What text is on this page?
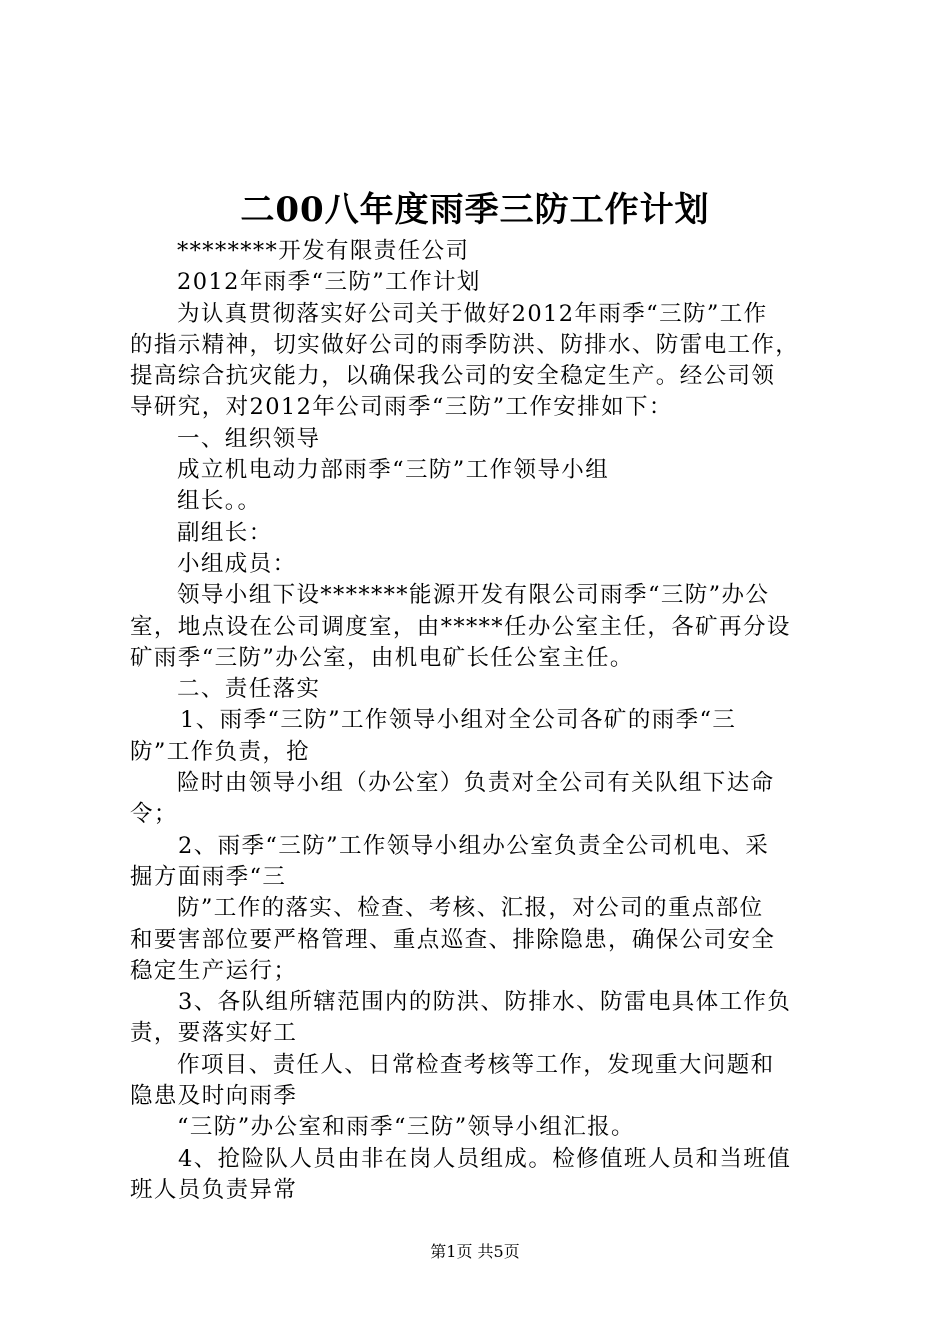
二00八年度雨季三防工作计划

********开发有限责任公司

2012年雨季“三防”工作计划

为认真贯彻落实好公司关于做好2012年雨季“三防”工作

的指示精神，切实做好公司的雨季防洪、防排水、防雷电工作，

提高综合抗灾能力，以确保我公司的安全稳定生产。经公司领

导研究，对2012年公司雨季“三防”工作安排如下：

一、组织领导

成立机电动力部雨季“三防”工作领导小组

组长。。

副组长：

小组成员：

领导小组下设*******能源开发有限公司雨季“三防”办公

室，地点设在公司调度室，由*****任办公室主任，各矿再分设

矿雨季“三防”办公室，由机电矿长任公室主任。

二、责任落实

1、雨季“三防”工作领导小组对全公司各矿的雨季“三

防”工作负责，抢

险时由领导小组（办公室）负责对全公司有关队组下达命

令；

2、雨季“三防”工作领导小组办公室负责全公司机电、采

掘方面雨季“三

防”工作的落实、检查、考核、汇报，对公司的重点部位

和要害部位要严格管理、重点巡查、排除隐患，确保公司安全

稳定生产运行；

3、各队组所辖范围内的防洪、防排水、防雷电具体工作负

责，要落实好工

作项目、责任人、日常检查考核等工作，发现重大问题和

隐患及时向雨季

“三防”办公室和雨季“三防”领导小组汇报。

4、抢险队人员由非在岗人员组成。检修值班人员和当班值

班人员负责异常

第1页 共5页
